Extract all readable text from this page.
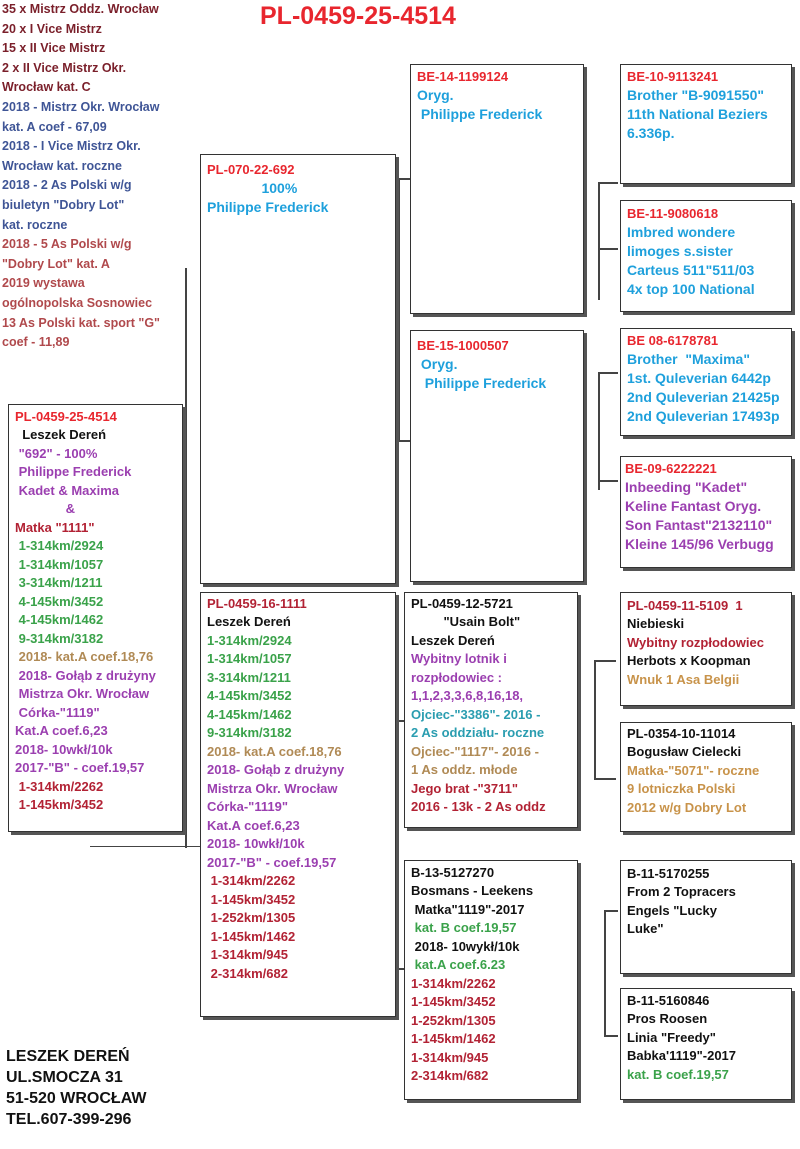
PL-0459-25-4514
35 x Mistrz Oddz. Wrocław
20 x I Vice Mistrz
15 x II Vice Mistrz
2 x II Vice Mistrz Okr.
Wrocław kat. C
2018 - Mistrz Okr. Wrocław
kat. A coef - 67,09
2018 - I Vice Mistrz Okr.
Wrocław kat. roczne
2018 - 2 As Polski w/g
biuletyn "Dobry Lot"
kat. roczne
2018 - 5 As Polski w/g
"Dobry Lot" kat. A
2019 wystawa
ogólnopolska Sosnowiec
13 As Polski kat. sport "G"
coef - 11,89
PL-0459-25-4514
Leszek Dereń
"692" - 100%
Philippe Frederick
Kadet & Maxima
&
Matka "1111"
1-314km/2924
1-314km/1057
3-314km/1211
4-145km/3452
4-145km/1462
9-314km/3182
2018- kat.A coef.18,76
2018- Gołąb z drużyny
Mistrza Okr. Wrocław
Córka-"1119"
Kat.A coef.6,23
2018- 10wkł/10k
2017-"B" - coef.19,57
1-314km/2262
1-145km/3452
PL-070-22-692
100%
Philippe Frederick
PL-0459-16-1111
Leszek Dereń
1-314km/2924
1-314km/1057
3-314km/1211
4-145km/3452
4-145km/1462
9-314km/3182
2018- kat.A coef.18,76
2018- Gołąb z drużyny
Mistrza Okr. Wrocław
Córka-"1119"
Kat.A coef.6,23
2018- 10wkł/10k
2017-"B" - coef.19,57
1-314km/2262
1-145km/3452
1-252km/1305
1-145km/1462
1-314km/945
2-314km/682
BE-14-1199124
Oryg.
Philippe Frederick
BE-15-1000507
Oryg.
Philippe Frederick
PL-0459-12-5721
"Usain Bolt"
Leszek Dereń
Wybitny lotnik i
rozpłodowiec :
1,1,2,3,3,6,8,16,18,
Ojciec-"3386"- 2016 -
2 As oddziału- roczne
Ojciec-"1117"- 2016 -
1 As oddz. młode
Jego brat -"3711"
2016 - 13k - 2 As oddz
B-13-5127270
Bosmans - Leekens
Matka"1119"-2017
kat. B coef.19,57
2018- 10wykł/10k
kat.A coef.6.23
1-314km/2262
1-145km/3452
1-252km/1305
1-145km/1462
1-314km/945
2-314km/682
BE-10-9113241
Brother "B-9091550"
11th National Beziers
6.336p.
BE-11-9080618
Imbred wondere
limoges s.sister
Carteus 511"511/03
4x top 100 National
BE 08-6178781
Brother  "Maxima"
1st. Quleverian 6442p
2nd Quleverian 21425p
2nd Quleverian 17493p
BE-09-6222221
Inbeeding "Kadet"
Keline Fantast Oryg.
Son Fantast"2132110"
Kleine 145/96 Verbugg
PL-0459-11-5109  1
Niebieski
Wybitny rozpłodowiec
Herbots x Koopman
Wnuk 1 Asa Belgii
PL-0354-10-11014
Bogusław Cielecki
Matka-"5071"- roczne
9 lotniczka Polski
2012 w/g Dobry Lot
B-11-5170255
From 2 Topracers
Engels "Lucky
Luke"
B-11-5160846
Pros Roosen
Linia "Freedy"
Babka'1119"-2017
kat. B coef.19,57
LESZEK DEREŃ
UL.SMOCZA 31
51-520 WROCŁAW
TEL.607-399-296
